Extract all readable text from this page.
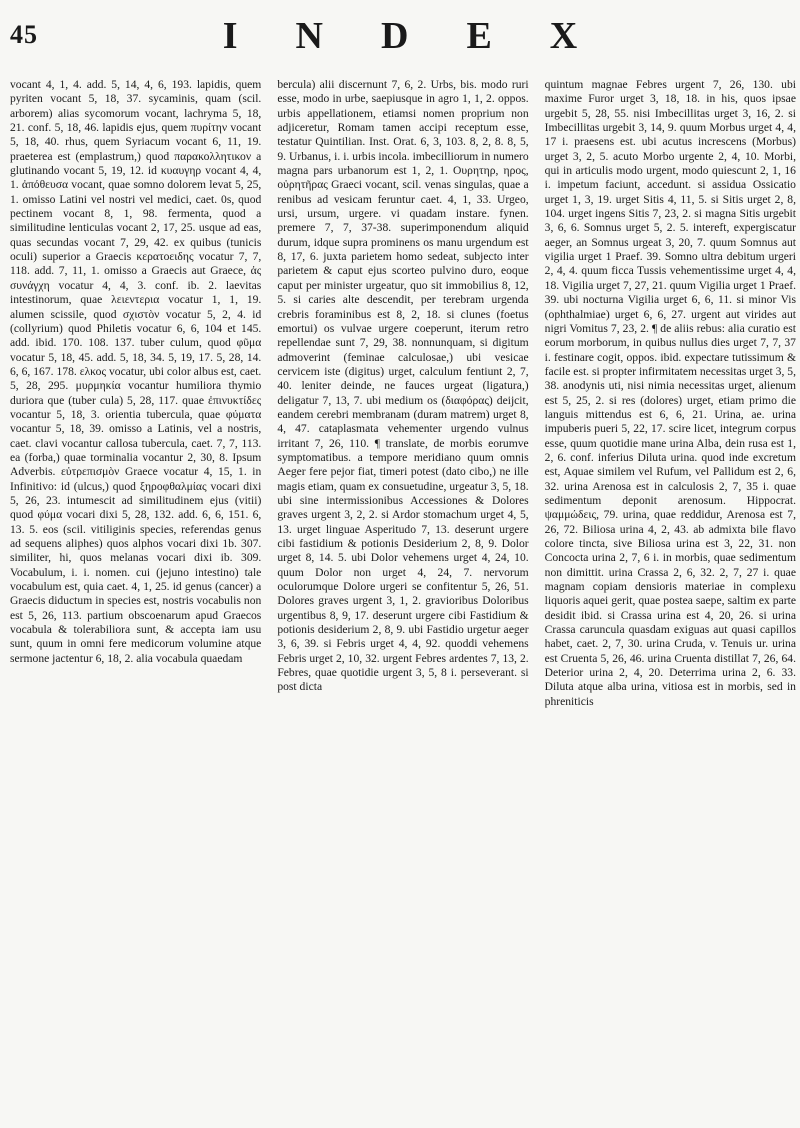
45	INDEX

vocant 4, 1, 4. add. 5, 14, 4, 6, 193. lapidis, quem pyriten vocant 5, 18, 37. sycaminis, quam (scil. arborem) alias sycomorum vocant, lachryma 5, 18, 21. conf. 5, 18, 46. lapidis ejus, quem πυρίτην vocant 5, 18, 40. rhus, quem Syriacum vocant 6, 11, 19. praeterea est (emplastrum,) quod παρακολλητικον a glutinando vocant 5, 19, 12. id κυαυγηρ vocant 4, 4, 1. ἀπόθευσα vocant, quae somno dolorem levat 5, 25, 1. omisso Latini vel nostri vel medici, caet. 0s, quod pectinem vocant 8, 1, 98. fermenta, quod a similitudine lenticulas vocant 2, 17, 25. usque ad eas, quas secundas vocant 7, 29, 42. ex quibus (tunicis oculi) superior a Graecis κερατοειδης vocatur 7, 7, 118. add. 7, 11, 1. omisso a Graecis aut Graece, ἀς συνάγχη vocatur 4, 4, 3. conf. ib. 2. laevitas intestinorum, quae λειεντερια vocatur 1, 1, 19. alumen scissile, quod σχιστὸν vocatur 5, 2, 4. id (collyrium) quod Philetis vocatur 6, 6, 104 et 145. add. ibid. 170. 108. 137. tuber culum, quod φῦμα vocatur 5, 18, 45. add. 5, 18, 34. 5, 19, 17. 5, 28, 14. 6, 6, 167. 178. ελκος vocatur, ubi color albus est, caet. 5, 28, 295. μυρμηκία vocantur humiliora thymio duriora que (tuber cula) 5, 28, 117. quae ἐπινυκτίδες vocantur 5, 18, 3. orientia tubercula, quae φύματα vocantur 5, 18, 39. omisso a Latinis, vel a nostris, caet. clavi vocantur callosa tubercula, caet. 7, 7, 113. ea (forba,) quae torminalia vocantur 2, 30, 8. Ipsum Adverbis. εὐτρεπισμὸν Graece vocatur 4, 15, 1. in Infinitivo: id (ulcus,) quod ξηροφθαλμίας vocari dixi 5, 26, 23. intumescit ad similitudinem ejus (vitii) quod φύμα vocari dixi 5, 28, 132. add. 6, 6, 151. 6, 13. 5. eos (scil. vitiliginis species, referendas genus ad sequens aliphes) quos alphos vocari dixi 1b. 307. similiter, hi, quos melanas vocari dixi ib. 309. Vocabulum, i. i. nomen. cui (jejuno intestino) tale vocabulum est, quia caet. 4, 1, 25. id genus (cancer) a Graecis diductum in species est, nostris vocabulis non est 5, 26, 113. partium obscoenarum apud Graecos vocabula & tolerabiliora sunt, & accepta iam usu sunt, quum in omni fere medicorum volumine atque sermone jactentur 6, 18, 2. alia vocabula quaedam

bercula) alii discernunt 7, 6, 2. Urbs, bis. modo ruri esse, modo in urbe, saepiusque in agro 1, 1, 2. oppos. urbis appellationem, etiamsi nomen proprium non adjiceretur, Romam tamen accipi receptum esse, testatur Quintilian. Inst. Orat. 6, 3, 103. 8, 2, 8. 8, 5, 9. Urbanus, i. i. urbis incola. imbecilliorum in numero magna pars urbanorum est 1, 2, 1. Ουρητηρ, ηρος, οὐρητῆρας Graeci vocant, scil. venas singulas, quae a renibus ad vesicam feruntur caet. 4, 1, 33. Urgeo, ursi, ursum, urgere. vi quadam instare. fynen. premere 7, 7, 37-38. superimponendum aliquid durum, idque supra prominens os manu urgendum est 8, 17, 6. juxta parietem homo sedeat, subjecto inter parietem & caput ejus scorteo pulvino duro, eoque caput per minister urgeatur, quo sit immobilius 8, 12, 5. si caries alte descendit, per terebram urgenda crebris foraminibus est 8, 2, 18. si clunes (foetus emortui) os vulvae urgere coeperunt, iterum retro repellendae sunt 7, 29, 38. nonnunquam, si digitum admoverint (feminae calculosae,) ubi vesicae cervicem iste (digitus) urget, calculum fentiunt 2, 7, 40. leniter deinde, ne fauces urgeat (ligatura,) deligatur 7, 13, 7. ubi medium os (διαφόρας) deijcit, eandem cerebri membranam (duram matrem) urget 8, 4, 47. cataplasmata vehementer urgendo vulnus irritant 7, 26, 110. ¶ translate, de morbis eorumve symptomatibus. a tempore meridiano quum omnis Aeger fere pejor fiat, timeri potest (dato cibo,) ne ille magis etiam, quam ex consuetudine, urgeatur 3, 5, 18. ubi sine intermissionibus Accessiones & Dolores graves urgent 3, 2, 2. si Ardor stomachum urget 4, 5, 13. urget linguae Asperitudo 7, 13. deserunt urgere cibi fastidium & potionis Desiderium 2, 8, 9. Dolor urget 8, 14. 5. ubi Dolor vehemens urget 4, 24, 10. quum Dolor non urget 4, 24, 7. nervorum oculorumque Dolore urgeri se confitentur 5, 26, 51. Dolores graves urgent 3, 1, 2. gravioribus Doloribus urgentibus 8, 9, 17. deserunt urgere cibi Fastidium & potionis desiderium 2, 8, 9. ubi Fastidio urgetur aeger 3, 6, 39. si Febris urget 4, 4, 92. quoddi vehemens Febris urget 2, 10, 32. urgent Febres ardentes 7, 13, 2. Febres, quae quotidie urgent 3, 5, 8 i. perseverant. si post dicta

quintum magnae Febres urgent 7, 26, 130. ubi maxime Furor urget 3, 18, 18. in his, quos ipsae urgebit 5, 28, 55. nisi Imbecillitas urget 3, 16, 2. si Imbecillitas urgebit 3, 14, 9. quum Morbus urget 4, 4, 17 i. praesens est. ubi acutus increscens (Morbus) urget 3, 2, 5. acuto Morbo urgente 2, 4, 10. Morbi, qui in articulis modo urgent, modo quiescunt 2, 1, 16 i. impetum faciunt, accedunt. si assidua Ossicatio urget 1, 3, 19. urget Sitis 4, 11, 5. si Sitis urget 2, 8, 104. urget ingens Sitis 7, 23, 2. si magna Sitis urgebit 3, 6, 6. Somnus urget 5, 2. 5. intereft, expergiscatur aeger, an Somnus urgeat 3, 20, 7. quum Somnus aut vigilia urget 1 Praef. 39. Somno ultra debitum urgeri 2, 4, 4. quum ficca Tussis vehementissime urget 4, 4, 18. Vigilia urget 7, 27, 21. quum Vigilia urget 1 Praef. 39. ubi nocturna Vigilia urget 6, 6, 11. si minor Vis (ophthalmiae) urget 6, 6, 27. urgent aut virides aut nigri Vomitus 7, 23, 2. ¶ de aliis rebus: alia curatio est eorum morborum, in quibus nullus dies urget 7, 7, 37 i. festinare cogit, oppos. ibid. expectare tutissimum & facile est. si propter infirmitatem necessitas urget 3, 5, 38. anodynis uti, nisi nimia necessitas urget, alienum est 5, 25, 2. si res (dolores) urget, etiam primo die languis mittendus est 6, 6, 21. Urina, ae. urina impuberis pueri 5, 22, 17. scire licet, integrum corpus esse, quum quotidie mane urina Alba, dein rusa est 1, 2, 6. conf. inferius Diluta urina. quod inde excretum est, Aquae similem vel Rufum, vel Pallidum est 2, 6, 32. urina Arenosa est in calculosis 2, 7, 35 i. quae sedimentum deponit arenosum. Hippocrat. ψαμμώδεις, 79. urina, quae reddidur, Arenosa est 7, 26, 72. Biliosa urina 4, 2, 43. ab admixta bile flavo colore tincta, sive Biliosa urina est 3, 22, 31. non Concocta urina 2, 7, 6 i. in morbis, quae sedimentum non dimittit. urina Crassa 2, 6, 32. 2, 7, 27 i. quae magnam copiam densioris materiae in complexu liquoris aquei gerit, quae postea saepe, saltim ex parte desidit ibid. si Crassa urina est 4, 20, 26. si urina Crassa caruncula quasdam exiguas aut quasi capillos habet, caet. 2, 7, 30. urina Cruda, v. Tenuis ur. urina est Cruenta 5, 26, 46. urina Cruenta distillat 7, 26, 64. Deterior urina 2, 4, 20. Deterrima urina 2, 6. 33. Diluta atque alba urina, vitiosa est in morbis, sed in phreniticis
